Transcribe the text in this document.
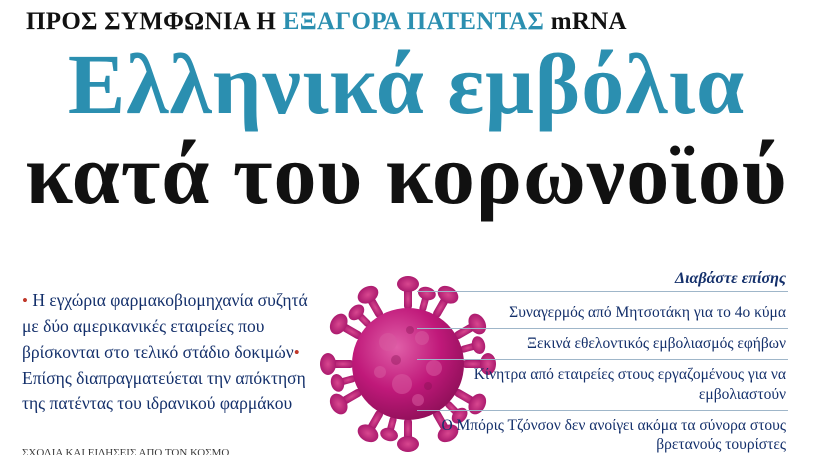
ΠΡΟΣ ΣΥΜΦΩΝΙΑ Η ΕΞΑΓΟΡΑ ΠΑΤΕΝΤΑΣ mRNA
Ελληνικά εμβόλια
κατά του κορωνοϊού
• Η εγχώρια φαρμακοβιομηχανία συζητά με δύο αμερικανικές εταιρείες που βρίσκονται στο τελικό στάδιο δοκιμών• Επίσης διαπραγματεύεται την απόκτηση της πατέντας του ιδρανικού φαρμάκου
Διαβάστε επίσης
Συναγερμός από Μητσοτάκη για το 4ο κύμα
Ξεκινά εθελοντικός εμβολιασμός εφήβων
Κίνητρα από εταιρείες στους εργαζομένους για να εμβολιαστούν
Ο Μπόρις Τζόνσον δεν ανοίγει ακόμα τα σύνορα στους βρετανούς τουρίστες
ΣΧΟΛΙΑ ΚΑΙ ΕΙΔΗΣΕΙΣ ΑΠΟ ΤΟΝ ΚΟΣΜΟ
